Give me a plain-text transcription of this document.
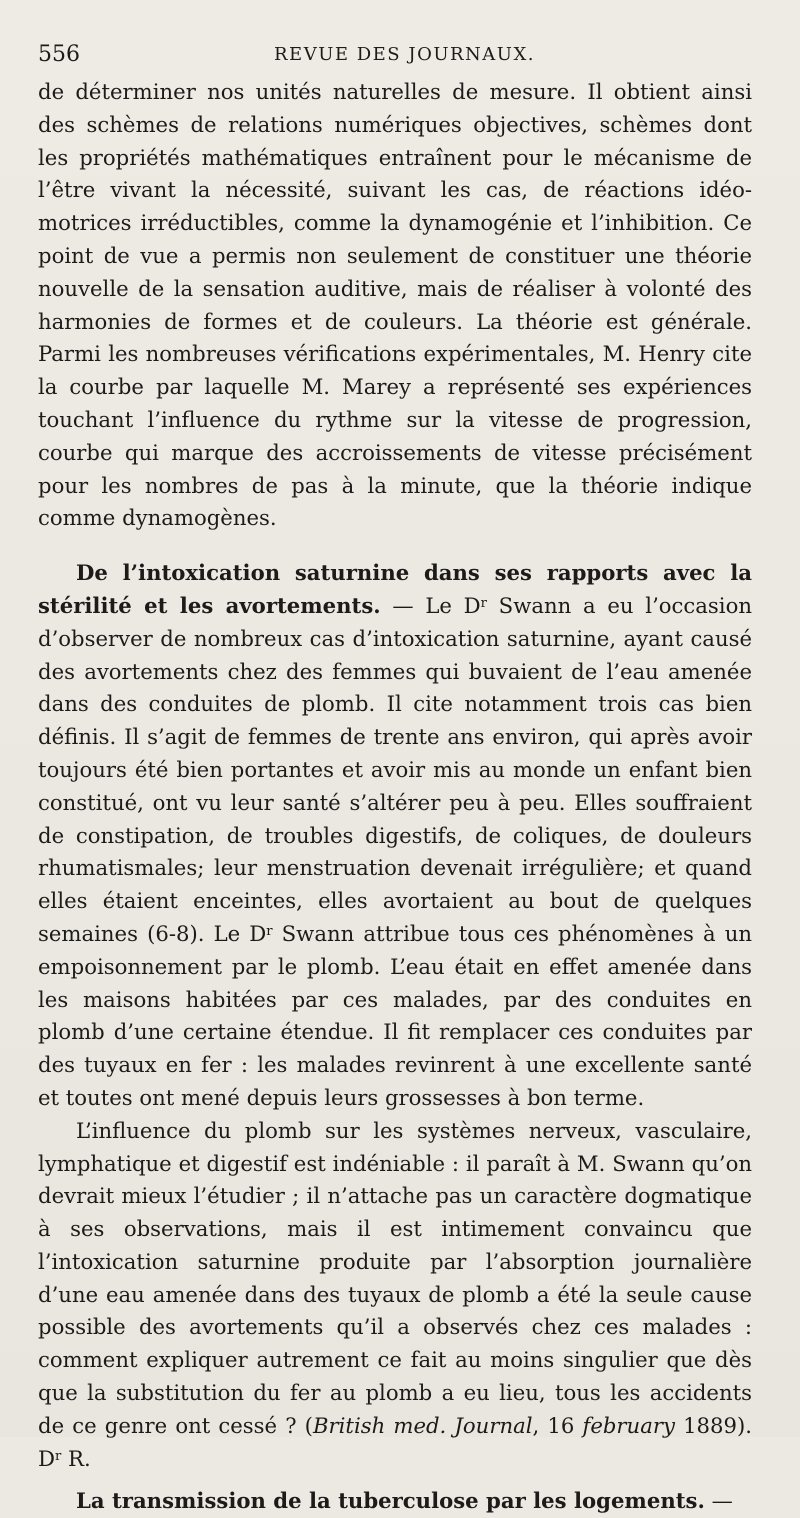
556	REVUE DES JOURNAUX.

de déterminer nos unités naturelles de mesure. Il obtient ainsi des schèmes de relations numériques objectives, schèmes dont les propriétés mathématiques entraînent pour le mécanisme de l’être vivant la nécessité, suivant les cas, de réactions idéo-motrices irréductibles, comme la dynamogénie et l’inhibition. Ce point de vue a permis non seulement de constituer une théorie nouvelle de la sensation auditive, mais de réaliser à volonté des harmonies de formes et de couleurs. La théorie est générale. Parmi les nombreuses vérifications expérimentales, M. Henry cite la courbe par laquelle M. Marey a représenté ses expériences touchant l’influence du rythme sur la vitesse de progression, courbe qui marque des accroissements de vitesse précisément pour les nombres de pas à la minute, que la théorie indique comme dynamogènes.

De l’intoxication saturnine dans ses rapports avec la stérilité et les avortements. — Le $D^r$ Swann a eu l’occasion d’observer de nombreux cas d’intoxication saturnine, ayant causé des avortements chez des femmes qui buvaient de l’eau amenée dans des conduites de plomb. Il cite notamment trois cas bien définis. Il s’agit de femmes de trente ans environ, qui après avoir toujours été bien portantes et avoir mis au monde un enfant bien constitué, ont vu leur santé s’altérer peu à peu. Elles souffraient de constipation, de troubles digestifs, de coliques, de douleurs rhumatismales; leur menstruation devenait irrégulière; et quand elles étaient enceintes, elles avortaient au bout de quelques semaines (6-8). Le $D^r$ Swann attribue tous ces phénomènes à un empoisonnement par le plomb. L’eau était en effet amenée dans les maisons habitées par ces malades, par des conduites en plomb d’une certaine étendue. Il fit remplacer ces conduites par des tuyaux en fer : les malades revinrent à une excellente santé et toutes ont mené depuis leurs grossesses à bon terme.

L’influence du plomb sur les systèmes nerveux, vasculaire, lymphatique et digestif est indéniable : il paraît à M. Swann qu’on devrait mieux l’étudier ; il n’attache pas un caractère dogmatique à ses observations, mais il est intimement convaincu que l’intoxication saturnine produite par l’absorption journalière d’une eau amenée dans des tuyaux de plomb a été la seule cause possible des avortements qu’il a observés chez ces malades : comment expliquer autrement ce fait au moins singulier que dès que la substitution du fer au plomb a eu lieu, tous les accidents de ce genre ont cessé ? (British med. Journal, 16 february 1889). $D^r$ R.

La transmission de la tuberculose par les logements. —
